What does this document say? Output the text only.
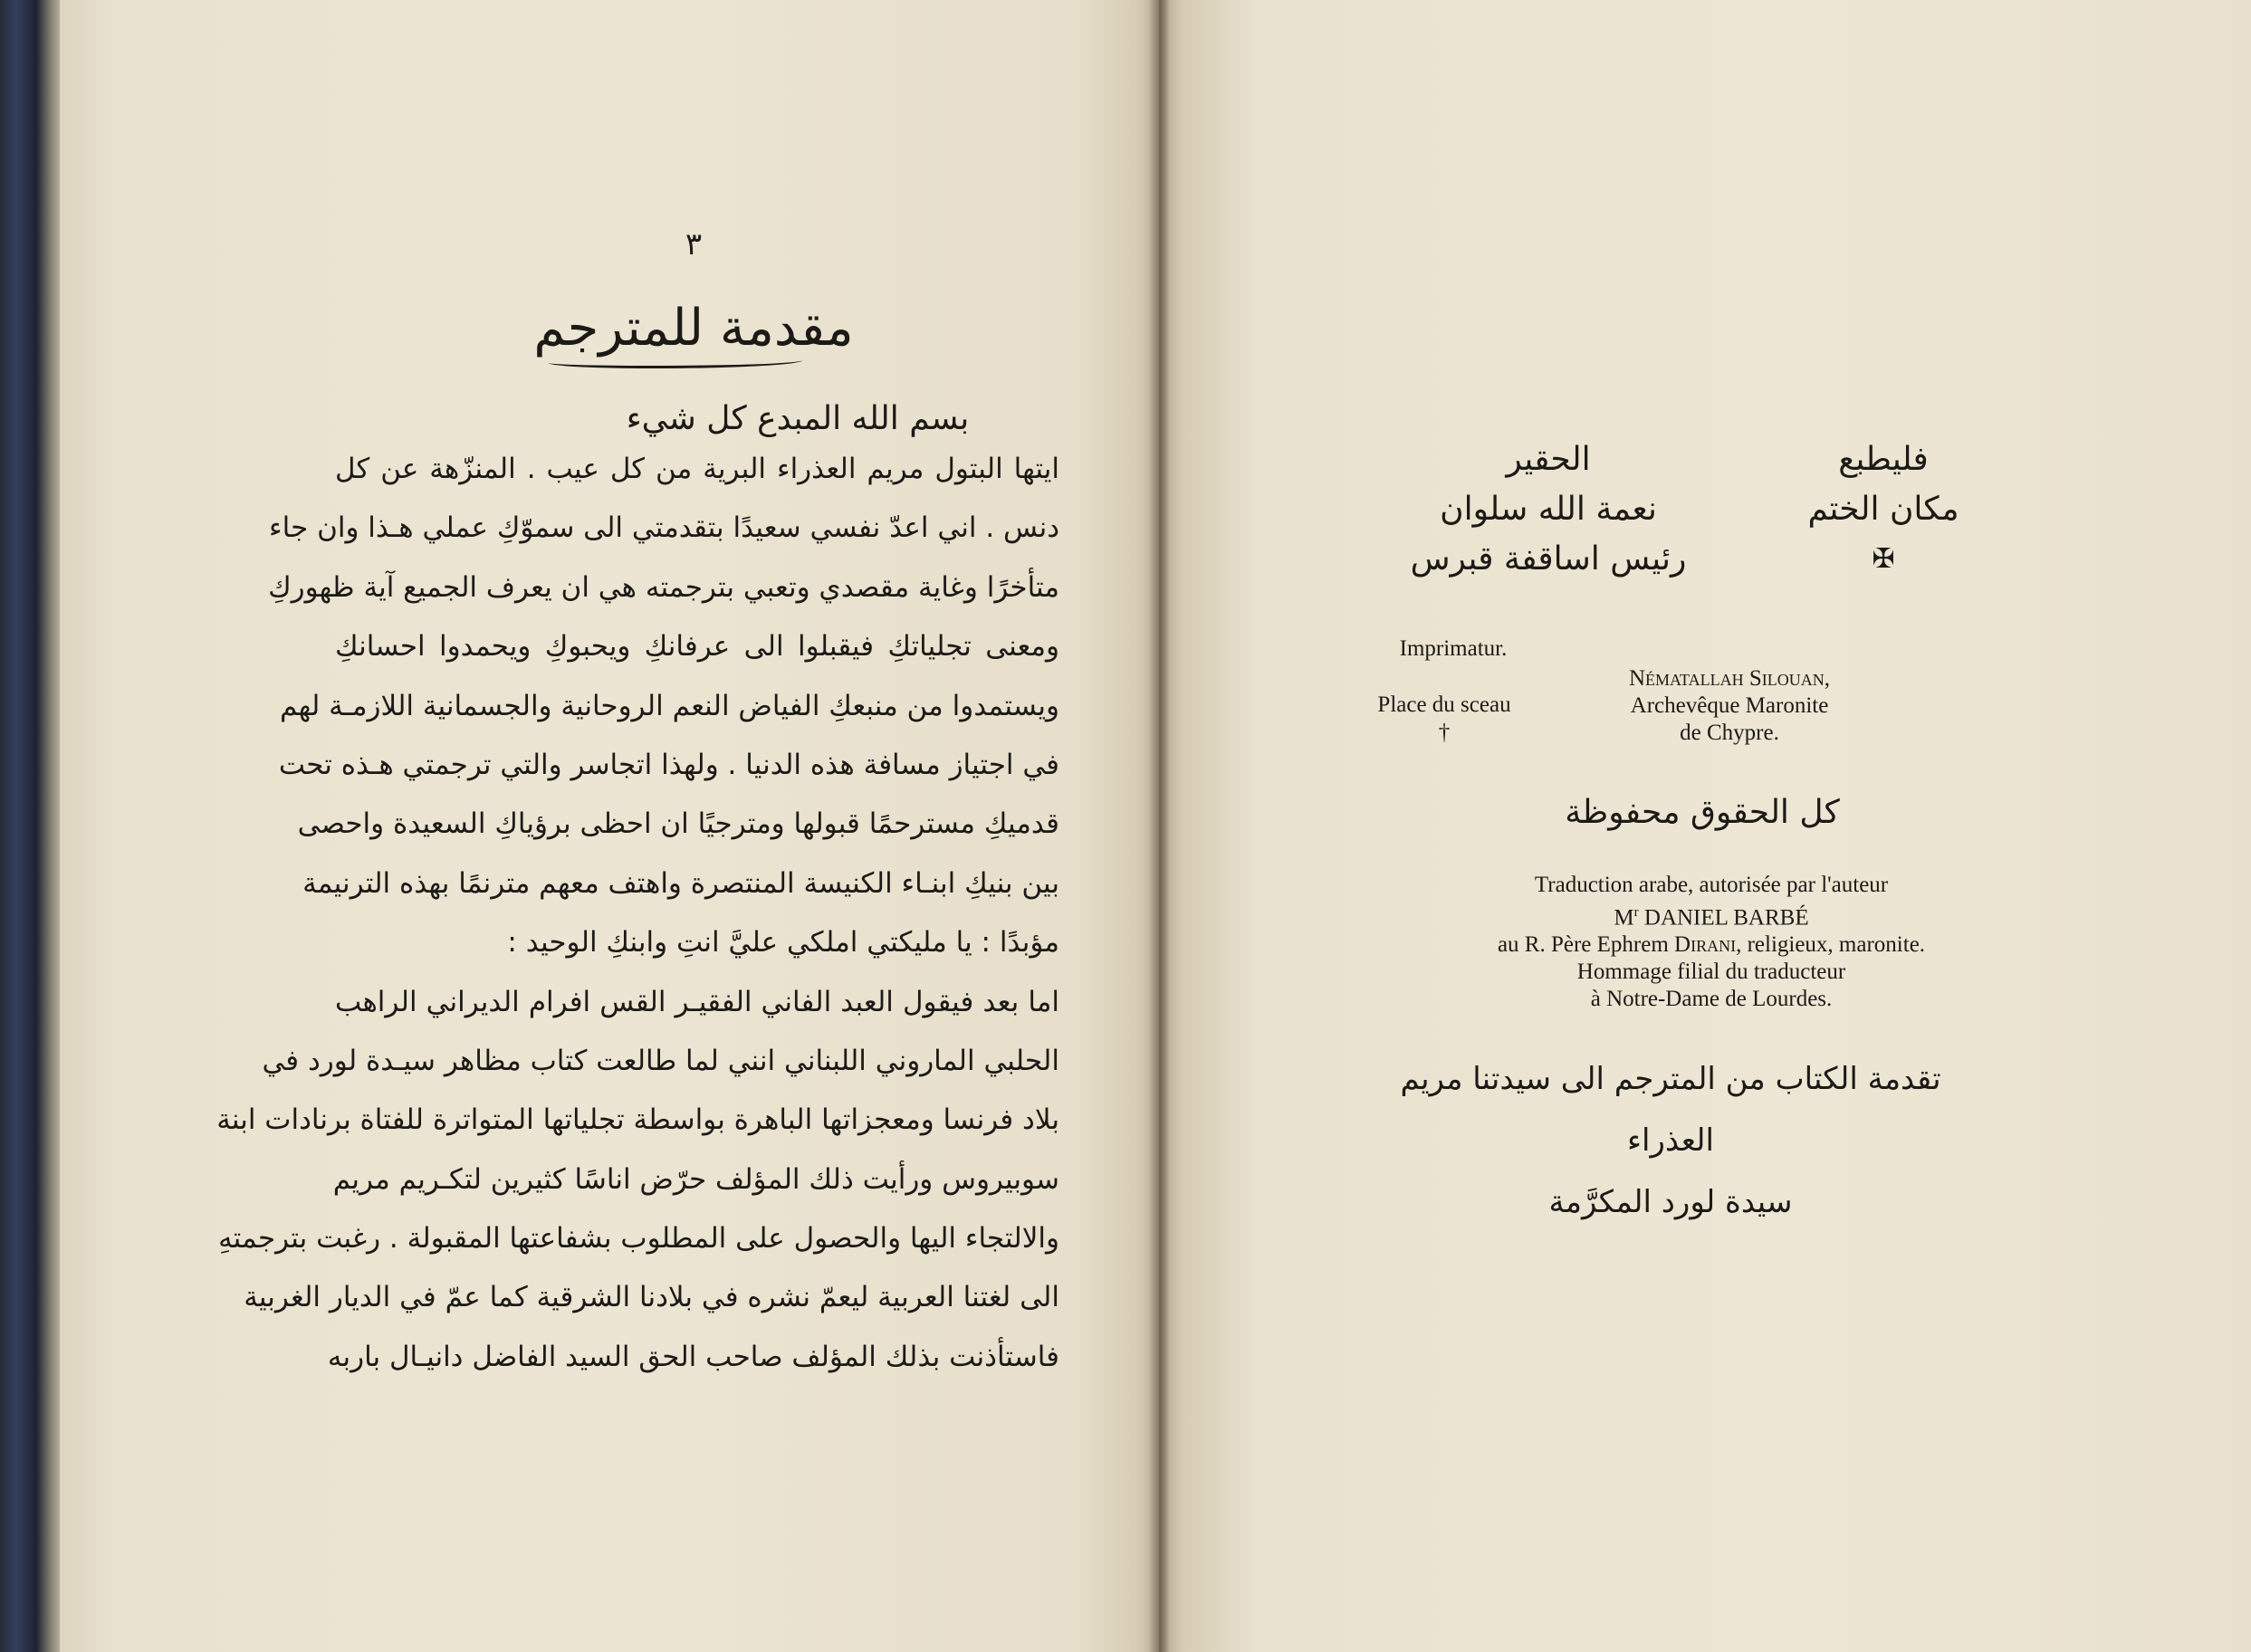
٣
مقدمة للمترجم
بسم الله المبدع كل شيء
ايتها البتول مريم العذراء البرية من كل عيب . المنزّهة عن كل
دنس . اني اعدّ نفسي سعيدًا بتقدمتي الى سموّكِ عملي هـذا وان جاء
متأخرًا وغاية مقصدي وتعبي بترجمته هي ان يعرف الجميع آية ظهوركِ
ومعنى تجلياتكِ فيقبلوا الى عرفانكِ ويحبوكِ ويحمدوا احسانكِ
ويستمدوا من منبعكِ الفياض النعم الروحانية والجسمانية اللازمـة لهم
في اجتياز مسافة هذه الدنيا . ولهذا اتجاسر والتي ترجمتي هـذه تحت
قدميكِ مسترحمًا قبولها ومترجيًا ان احظى برؤياكِ السعيدة واحصى
بين بنيكِ ابنـاء الكنيسة المنتصرة واهتف معهم مترنمًا بهذه الترنيمة
مؤبدًا : يا مليكتي املكي عليَّ انتِ وابنكِ الوحيد :
اما بعد فيقول العبد الفاني الفقيـر القس افرام الديراني الراهب
الحلبي الماروني اللبناني انني لما طالعت كتاب مظاهر سيـدة لورد في
بلاد فرنسا ومعجزاتها الباهرة بواسطة تجلياتها المتواترة للفتاة برنادات ابنة
سوبيروس ورأيت ذلك المؤلف حرّض اناسًا كثيرين لتكـريم مريم
والالتجاء اليها والحصول على المطلوب بشفاعتها المقبولة . رغبت بترجمتهِ
الى لغتنا العربية ليعمّ نشره في بلادنا الشرقية كما عمّ في الديار الغربية
فاستأذنت بذلك المؤلف صاحب الحق السيد الفاضل دانيـال باربه
فليطبع
مكان الختم
✠
الحقير
نعمة الله سلوان
رئيس اساقفة قبرس
Imprimatur.
Place du sceau
†
Nématallah Silouan,
Archevêque Maronite
de Chypre.
كل الحقوق محفوظة
Traduction arabe, autorisée par l'auteur
$M^r$ DANIEL BARBÉ
au R. Père Ephrem Dirani, religieux, maronite.
Hommage filial du traducteur
à Notre-Dame de Lourdes.
تقدمة الكتاب من المترجم الى سيدتنا مريم العذراء
سيدة لورد المكرَّمة
